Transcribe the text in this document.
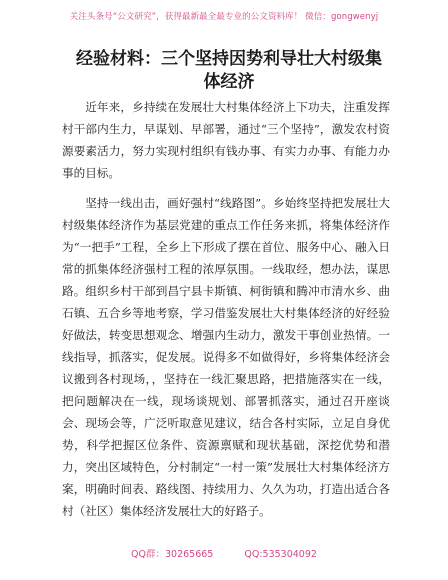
关注头条号“公文研究”，获得最新最全最专业的公文资料库！ 微信：gongwenyj
经验材料：三个坚持因势利导壮大村级集体经济

近年来，乡持续在发展壮大村集体经济上下功夫，注重发挥村干部内生力，早谋划、早部署，通过“三个坚持”，激发农村资源要素活力，努力实现村组织有钱办事、有实力办事、有能力办事的目标。

坚持一线出击，画好强村“线路图”。乡始终坚持把发展壮大村级集体经济作为基层党建的重点工作任务来抓，将集体经济作为“一把手”工程，全乡上下形成了摆在首位、服务中心、融入日常的抓集体经济强村工程的浓厚氛围。一线取经，想办法，谋思路。组织乡村干部到昌宁县卡斯镇、柯街镇和腾冲市清水乡、曲石镇、五合乡等地考察，学习借鉴发展壮大村集体经济的好经验好做法，转变思想观念、增强内生动力，激发干事创业热情。一线指导，抓落实，促发展。说得多不如做得好，乡将集体经济会议搬到各村现场，，坚持在一线汇聚思路，把措施落实在一线，把问题解决在一线，现场谈规划、部署抓落实，通过召开座谈会、现场会等，广泛听取意见建议，结合各村实际，立足自身优势，科学把握区位条件、资源禀赋和现状基础，深挖优势和潜力，突出区域特色，分村制定“一村一策”发展壮大村集体经济方案，明确时间表、路线图、持续用力、久久为功，打造出适合各村（社区）集体经济发展壮大的好路子。

QQ群：30265665	QQ:535304092
